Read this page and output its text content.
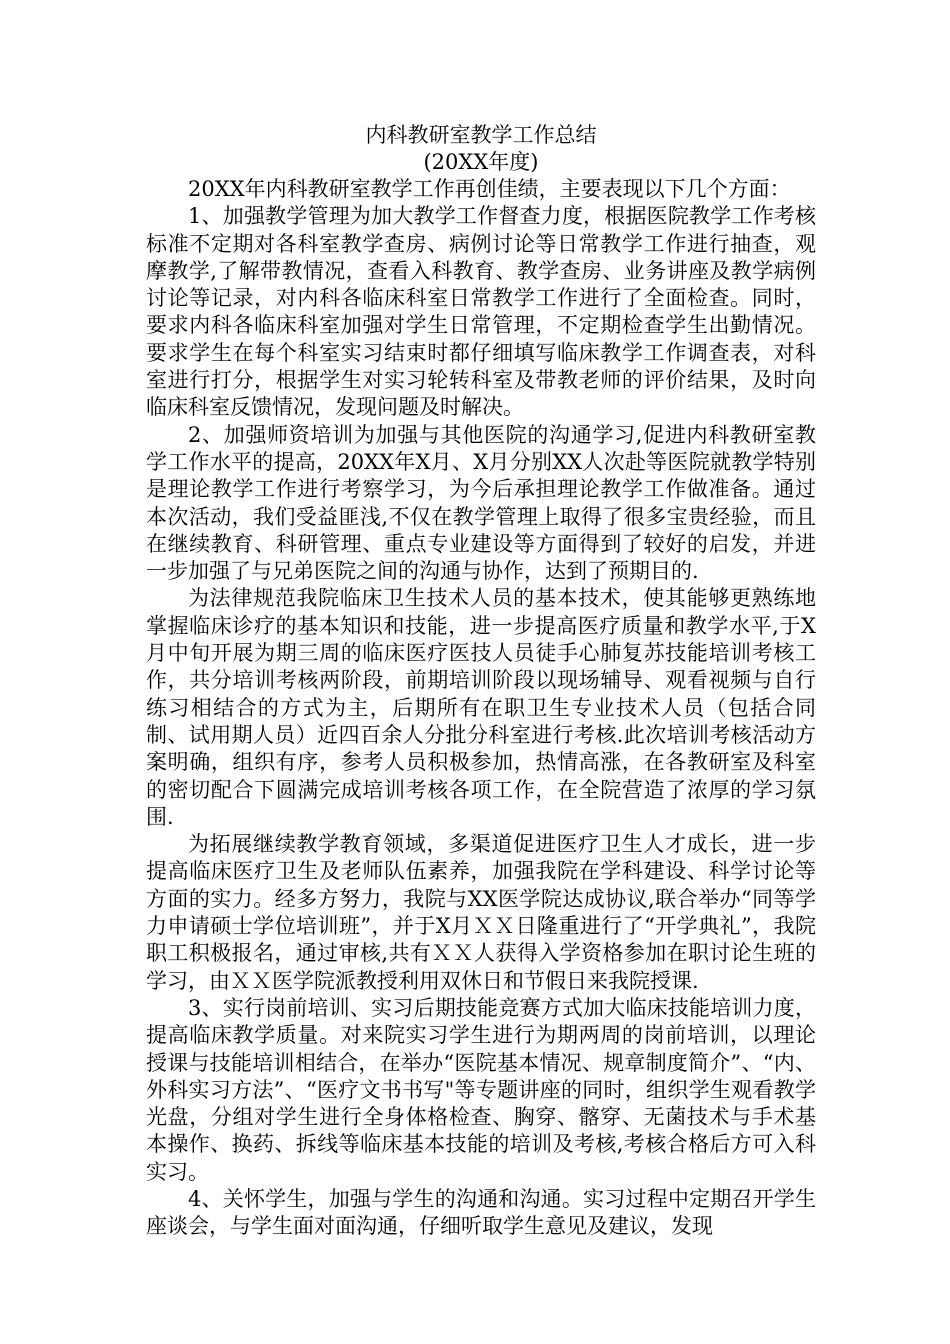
内科教研室教学工作总结
(20XX年度)

20XX年内科教研室教学工作再创佳绩，主要表现以下几个方面：

1、加强教学管理为加大教学工作督查力度，根据医院教学工作考核标准不定期对各科室教学查房、病例讨论等日常教学工作进行抽查，观摩教学,了解带教情况，查看入科教育、教学查房、业务讲座及教学病例讨论等记录，对内科各临床科室日常教学工作进行了全面检查。同时，要求内科各临床科室加强对学生日常管理，不定期检查学生出勤情况。要求学生在每个科室实习结束时都仔细填写临床教学工作调查表，对科室进行打分，根据学生对实习轮转科室及带教老师的评价结果，及时向临床科室反馈情况，发现问题及时解决。

2、加强师资培训为加强与其他医院的沟通学习,促进内科教研室教学工作水平的提高，20XX年X月、X月分别XX人次赴等医院就教学特别是理论教学工作进行考察学习，为今后承担理论教学工作做准备。通过本次活动，我们受益匪浅,不仅在教学管理上取得了很多宝贵经验，而且在继续教育、科研管理、重点专业建设等方面得到了较好的启发，并进一步加强了与兄弟医院之间的沟通与协作，达到了预期目的.

为法律规范我院临床卫生技术人员的基本技术，使其能够更熟练地掌握临床诊疗的基本知识和技能，进一步提高医疗质量和教学水平,于X月中旬开展为期三周的临床医疗医技人员徒手心肺复苏技能培训考核工作，共分培训考核两阶段，前期培训阶段以现场辅导、观看视频与自行练习相结合的方式为主，后期所有在职卫生专业技术人员（包括合同制、试用期人员）近四百余人分批分科室进行考核.此次培训考核活动方案明确，组织有序，参考人员积极参加，热情高涨，在各教研室及科室的密切配合下圆满完成培训考核各项工作，在全院营造了浓厚的学习氛围.

为拓展继续教学教育领域，多渠道促进医疗卫生人才成长，进一步提高临床医疗卫生及老师队伍素养，加强我院在学科建设、科学讨论等方面的实力。经多方努力，我院与XX医学院达成协议,联合举办“同等学力申请硕士学位培训班”，并于X月ＸＸ日隆重进行了“开学典礼”，我院职工积极报名，通过审核,共有ＸＸ人获得入学资格参加在职讨论生班的学习，由ＸＸ医学院派教授利用双休日和节假日来我院授课.

3、实行岗前培训、实习后期技能竞赛方式加大临床技能培训力度，提高临床教学质量。对来院实习学生进行为期两周的岗前培训，以理论授课与技能培训相结合，在举办“医院基本情况、规章制度简介”、“内、外科实习方法”、“医疗文书书写"等专题讲座的同时，组织学生观看教学光盘，分组对学生进行全身体格检查、胸穿、髂穿、无菌技术与手术基本操作、换药、拆线等临床基本技能的培训及考核,考核合格后方可入科实习。

4、关怀学生，加强与学生的沟通和沟通。实习过程中定期召开学生座谈会，与学生面对面沟通，仔细听取学生意见及建议，发现
